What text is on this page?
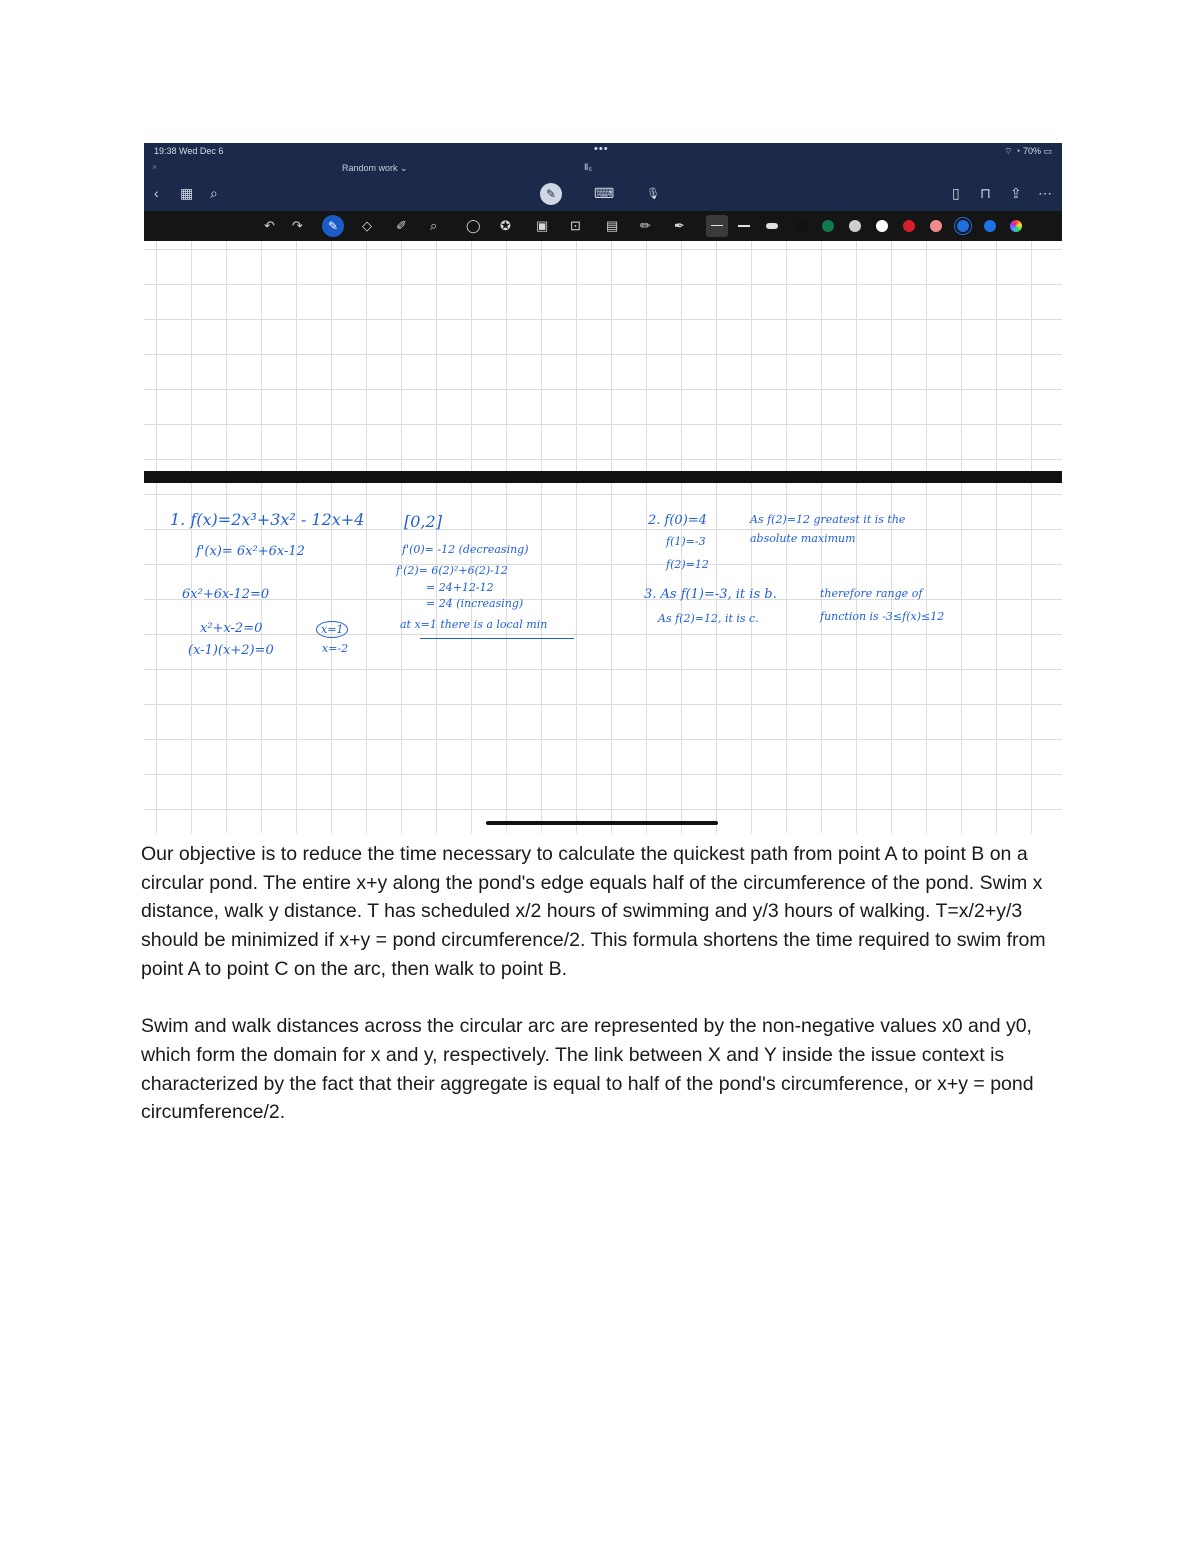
19:38 Wed Dec 6	•••	⌔ ◔ 70% ▭
×	Random work ⌄	Ⅱ₆
‹ ▦ ⌕	✎	⌨	🎙	▯ ⊓ ⇪ ⋯
↶ ↷	✎	◇ ✐ ⌕ ◯ ✪ ▣ ⊡ ▤ ✏ ✒
1. f(x)=2x³+3x² - 12x+4 [0,2]
f'(x)= 6x²+6x-12
6x²+6x-12=0
x²+x-2=0
(x-1)(x+2)=0
x=1
x=-2
f'(0)= -12 (decreasing)
f'(2)= 6(2)²+6(2)-12
= 24+12-12
= 24 (increasing)
at x=1 there is a local min
2. f(0)=4
f(1)=-3
f(2)=12
As f(2)=12 greatest it is the
absolute maximum
3. As f(1)=-3, it is b.
As f(2)=12, it is c.
therefore range of
function is -3≤f(x)≤12

Our objective is to reduce the time necessary to calculate the quickest path from point A to point B on a circular pond. The entire x+y along the pond's edge equals half of the circumference of the pond. Swim x distance, walk y distance. T has scheduled x/2 hours of swimming and y/3 hours of walking. T=x/2+y/3 should be minimized if x+y = pond circumference/2. This formula shortens the time required to swim from point A to point C on the arc, then walk to point B.

Swim and walk distances across the circular arc are represented by the non-negative values x0 and y0, which form the domain for x and y, respectively. The link between X and Y inside the issue context is characterized by the fact that their aggregate is equal to half of the pond's circumference, or x+y = pond circumference/2.
